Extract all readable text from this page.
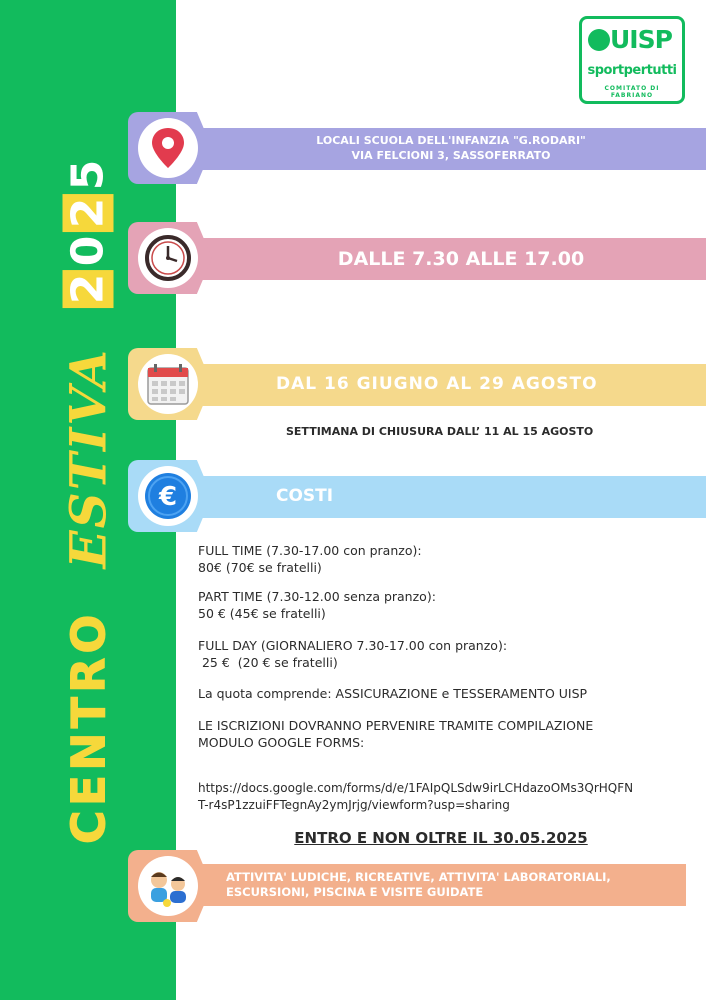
CENTRO
ESTIVA
2
0
2
5
UISP
sportpertutti
COMITATO DI FABRIANO
LOCALI SCUOLA DELL'INFANZIA "G.RODARI"
VIA FELCIONI 3, SASSOFERRATO
DALLE 7.30 ALLE 17.00
DAL 16 GIUGNO AL 29 AGOSTO
SETTIMANA DI CHIUSURA DALL’ 11 AL 15 AGOSTO
COSTI
€
FULL TIME (7.30-17.00 con pranzo):
80€ (70€ se fratelli)
PART TIME (7.30-12.00 senza pranzo):
50 € (45€ se fratelli)
FULL DAY (GIORNALIERO 7.30-17.00 con pranzo):
25 €  (20 € se fratelli)
La quota comprende: ASSICURAZIONE e TESSERAMENTO UISP
LE ISCRIZIONI DOVRANNO PERVENIRE TRAMITE COMPILAZIONE
MODULO GOOGLE FORMS:
https://docs.google.com/forms/d/e/1FAIpQLSdw9irLCHdazoOMs3QrHQFN
T-r4sP1zzuiFFTegnAy2ymJrjg/viewform?usp=sharing
ENTRO E NON OLTRE IL 30.05.2025
ATTIVITA' LUDICHE, RICREATIVE, ATTIVITA' LABORATORIALI,
ESCURSIONI, PISCINA E VISITE GUIDATE
